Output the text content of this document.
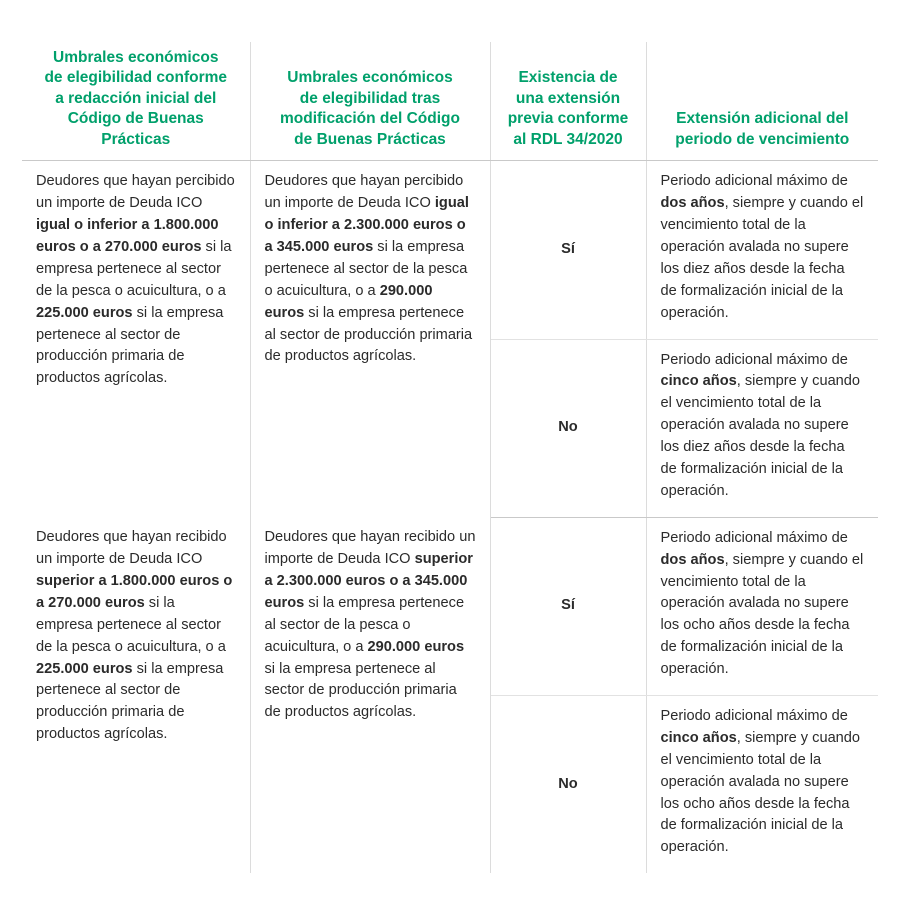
Umbrales económicos
de elegibilidad conforme
a redacción inicial del
Código de Buenas
Prácticas	Umbrales económicos
de elegibilidad tras
modificación del Código
de Buenas Prácticas	Existencia de
una extensión
previa conforme
al RDL 34/2020	Extensión adicional del
periodo de vencimiento

Deudores que hayan percibido un importe de Deuda ICO igual o inferior a 1.800.000 euros o a 270.000 euros si la empresa pertenece al sector de la pesca o acuicultura, o a 225.000 euros si la empresa pertenece al sector de producción primaria de productos agrícolas.	Deudores que hayan percibido un importe de Deuda ICO igual o inferior a 2.300.000 euros o a 345.000 euros si la empresa pertenece al sector de la pesca o acuicultura, o a 290.000 euros si la empresa pertenece al sector de producción primaria de productos agrícolas.	Sí	Periodo adicional máximo de dos años, siempre y cuando el vencimiento total de la operación avalada no supere los diez años desde la fecha de formalización inicial de la operación.
		No	Periodo adicional máximo de cinco años, siempre y cuando el vencimiento total de la operación avalada no supere los diez años desde la fecha de formalización inicial de la operación.
Deudores que hayan recibido un importe de Deuda ICO superior a 1.800.000 euros o a 270.000 euros si la empresa pertenece al sector de la pesca o acuicultura, o a 225.000 euros si la empresa pertenece al sector de producción primaria de productos agrícolas.	Deudores que hayan recibido un importe de Deuda ICO superior a 2.300.000 euros o a 345.000 euros si la empresa pertenece al sector de la pesca o acuicultura, o a 290.000 euros si la empresa pertenece al sector de producción primaria de productos agrícolas.	Sí	Periodo adicional máximo de dos años, siempre y cuando el vencimiento total de la operación avalada no supere los ocho años desde la fecha de formalización inicial de la operación.
		No	Periodo adicional máximo de cinco años, siempre y cuando el vencimiento total de la operación avalada no supere los ocho años desde la fecha de formalización inicial de la operación.
